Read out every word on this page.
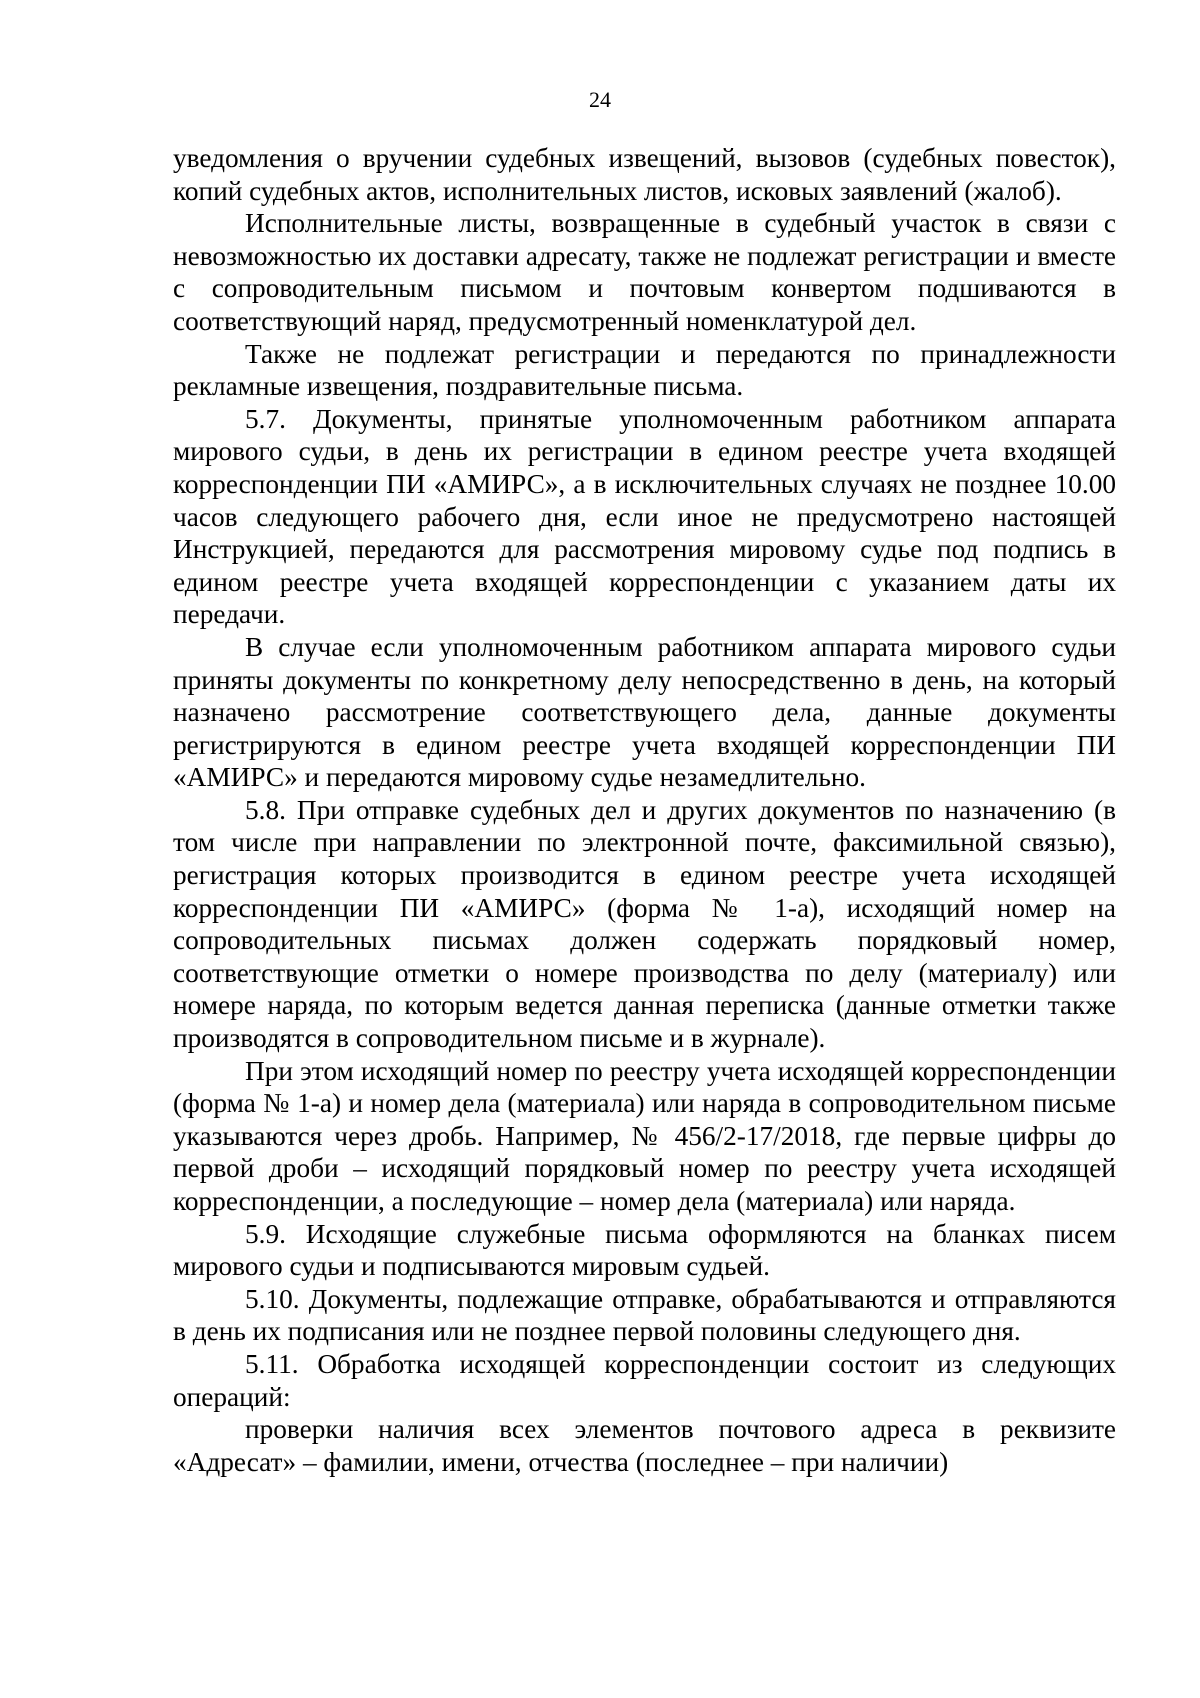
24

уведомления о вручении судебных извещений, вызовов (судебных повесток), копий судебных актов, исполнительных листов, исковых заявлений (жалоб).

Исполнительные листы, возвращенные в судебный участок в связи с невозможностью их доставки адресату, также не подлежат регистрации и вместе с сопроводительным письмом и почтовым конвертом подшиваются в соответствующий наряд, предусмотренный номенклатурой дел.

Также не подлежат регистрации и передаются по принадлежности рекламные извещения, поздравительные письма.

5.7. Документы, принятые уполномоченным работником аппарата мирового судьи, в день их регистрации в едином реестре учета входящей корреспонденции ПИ «АМИРС», а в исключительных случаях не позднее 10.00 часов следующего рабочего дня, если иное не предусмотрено настоящей Инструкцией, передаются для рассмотрения мировому судье под подпись в едином реестре учета входящей корреспонденции с указанием даты их передачи.

В случае если уполномоченным работником аппарата мирового судьи приняты документы по конкретному делу непосредственно в день, на который назначено рассмотрение соответствующего дела, данные документы регистрируются в едином реестре учета входящей корреспонденции ПИ «АМИРС» и передаются мировому судье незамедлительно.

5.8. При отправке судебных дел и других документов по назначению (в том числе при направлении по электронной почте, факсимильной связью), регистрация которых производится в едином реестре учета исходящей корреспонденции ПИ «АМИРС» (форма № 1-а), исходящий номер на сопроводительных письмах должен содержать порядковый номер, соответствующие отметки о номере производства по делу (материалу) или номере наряда, по которым ведется данная переписка (данные отметки также производятся в сопроводительном письме и в журнале).

При этом исходящий номер по реестру учета исходящей корреспонденции (форма № 1-а) и номер дела (материала) или наряда в сопроводительном письме указываются через дробь. Например, № 456/2-17/2018, где первые цифры до первой дроби – исходящий порядковый номер по реестру учета исходящей корреспонденции, а последующие – номер дела (материала) или наряда.

5.9. Исходящие служебные письма оформляются на бланках писем мирового судьи и подписываются мировым судьей.

5.10. Документы, подлежащие отправке, обрабатываются и отправляются в день их подписания или не позднее первой половины следующего дня.

5.11. Обработка исходящей корреспонденции состоит из следующих операций:

проверки наличия всех элементов почтового адреса в реквизите «Адресат» – фамилии, имени, отчества (последнее – при наличии)
